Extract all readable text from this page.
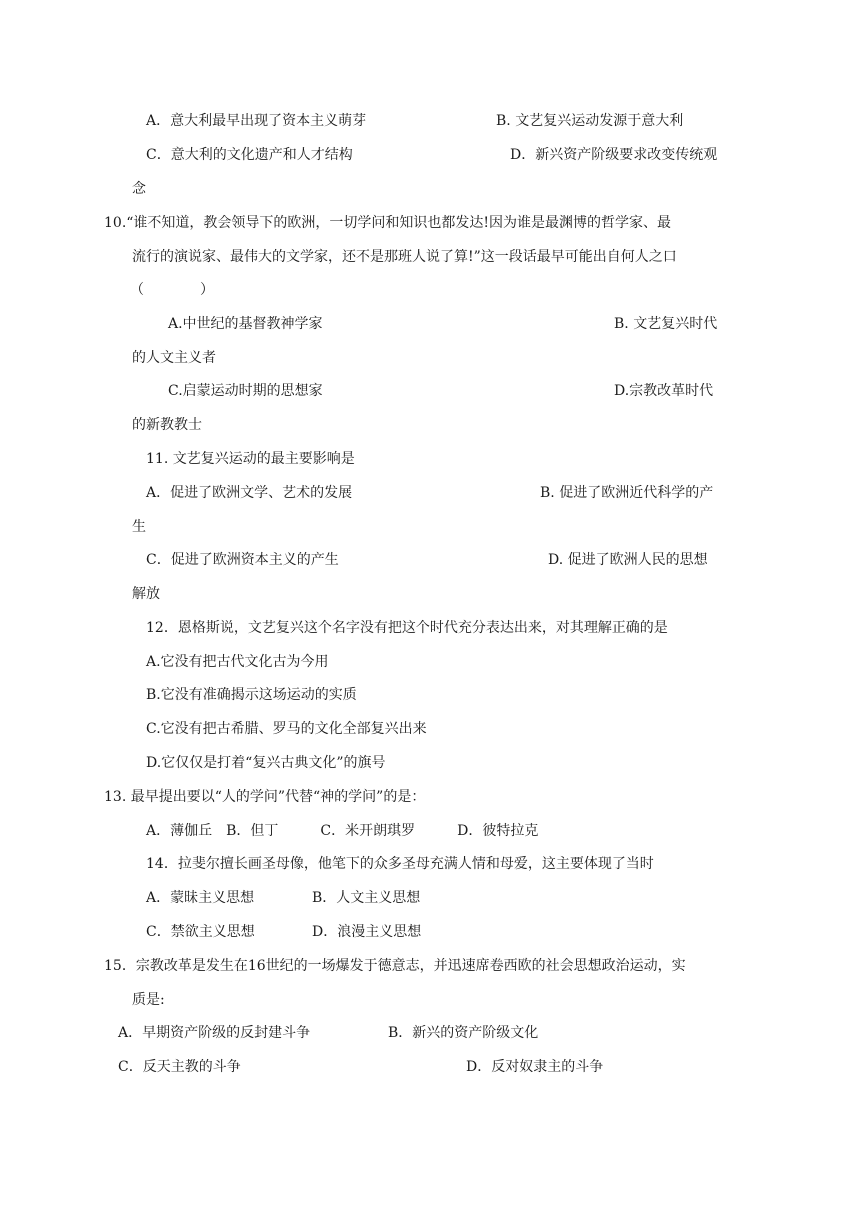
A．意大利最早出现了资本主义萌芽	B. 文艺复兴运动发源于意大利
C．意大利的文化遗产和人才结构	D．新兴资产阶级要求改变传统观
念
10.“谁不知道，教会领导下的欧洲，一切学问和知识也都发达!因为谁是最渊博的哲学家、最
流行的演说家、最伟大的文学家，还不是那班人说了算!”这一段话最早可能出自何人之口
（　　　　）
A.中世纪的基督教神学家	B. 文艺复兴时代
的人文主义者
C.启蒙运动时期的思想家	D.宗教改革时代
的新教教士
11. 文艺复兴运动的最主要影响是
A．促进了欧洲文学、艺术的发展	B. 促进了欧洲近代科学的产
生
C．促进了欧洲资本主义的产生	D. 促进了欧洲人民的思想
解放
12．恩格斯说，文艺复兴这个名字没有把这个时代充分表达出来，对其理解正确的是
A.它没有把古代文化古为今用
B.它没有准确揭示这场运动的实质
C.它没有把古希腊、罗马的文化全部复兴出来
D.它仅仅是打着“复兴古典文化”的旗号
13. 最早提出要以“人的学问”代替“神的学问”的是：
A．薄伽丘　B．但丁　　　C．米开朗琪罗　　　D．彼特拉克
14．拉斐尔擅长画圣母像，他笔下的众多圣母充满人情和母爱，这主要体现了当时
A．蒙昧主义思想	B．人文主义思想
C．禁欲主义思想	D．浪漫主义思想
15．宗教改革是发生在16世纪的一场爆发于德意志，并迅速席卷西欧的社会思想政治运动，实
质是:
A．早期资产阶级的反封建斗争	B．新兴的资产阶级文化
C．反天主教的斗争	D．反对奴隶主的斗争
